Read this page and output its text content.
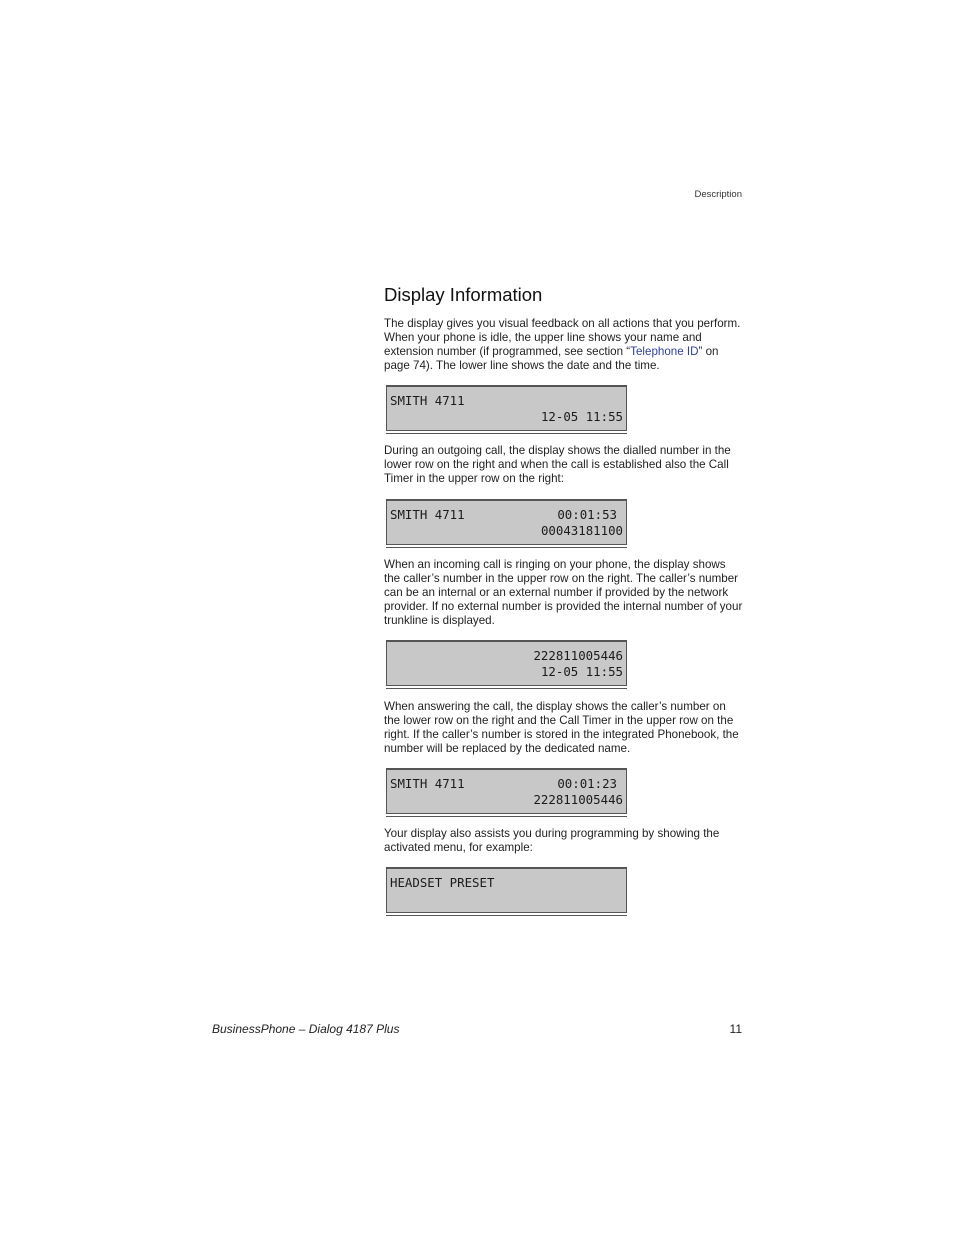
Description
Display Information

The display gives you visual feedback on all actions that you perform. When your phone is idle, the upper line shows your name and extension number (if programmed, see section “Telephone ID” on page 74). The lower line shows the date and the time.

SMITH 4711
12-05 11:55

During an outgoing call, the display shows the dialled number in the lower row on the right and when the call is established also the Call Timer in the upper row on the right:

SMITH 4711	00:01:53
00043181100

When an incoming call is ringing on your phone, the display shows the caller’s number in the upper row on the right. The caller’s number can be an internal or an external number if provided by the network provider. If no external number is provided the internal number of your trunkline is displayed.

222811005446
12-05 11:55

When answering the call, the display shows the caller’s number on the lower row on the right and the Call Timer in the upper row on the right. If the caller’s number is stored in the integrated Phonebook, the number will be replaced by the dedicated name.

SMITH 4711	00:01:23
222811005446

Your display also assists you during programming by showing the activated menu, for example:

HEADSET PRESET
BusinessPhone – Dialog 4187 Plus	11
